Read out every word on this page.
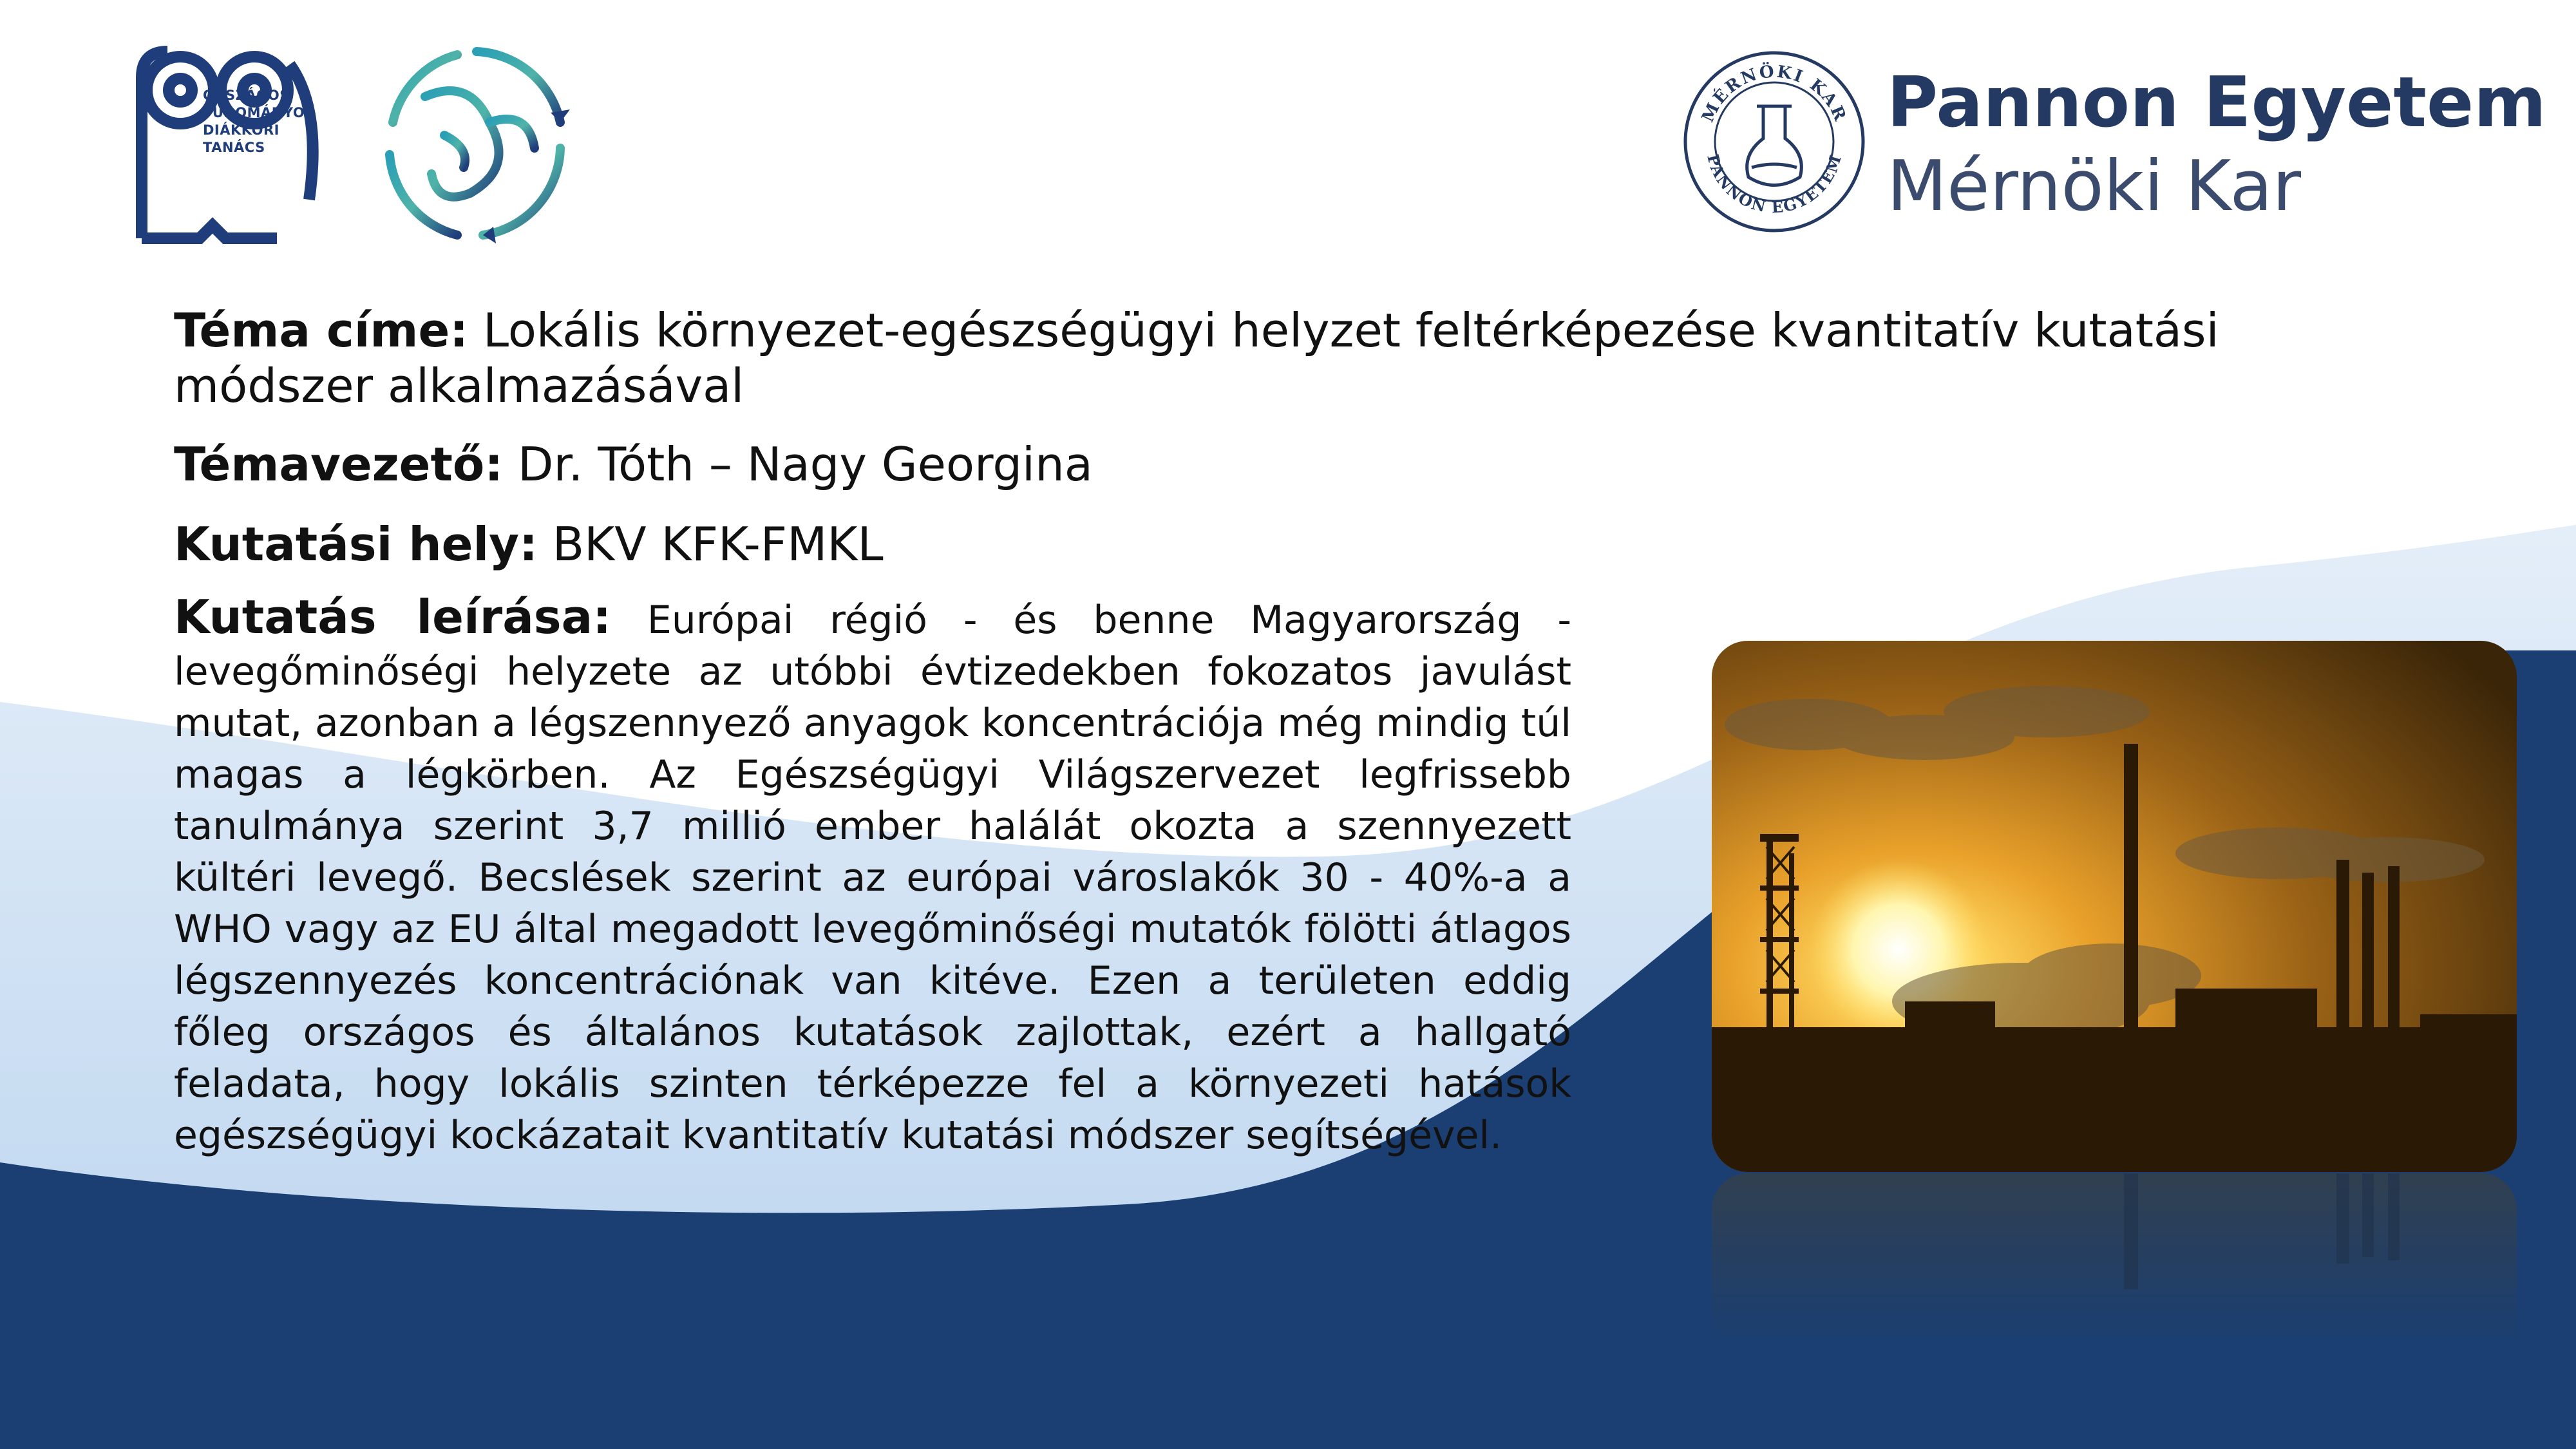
ORSZÁGOS
TUDOMÁNYOS
DIÁKKÖRI
TANÁCS
MÉRNÖKI KAR
PANNON EGYETEM
Pannon Egyetem
Mérnöki Kar
Téma címe: Lokális környezet-egészségügyi helyzet feltérképezése kvantitatív kutatási módszer alkalmazásával
Témavezető: Dr. Tóth – Nagy Georgina
Kutatási hely: BKV KFK-FMKL
Kutatás leírása: Európai régió - és benne Magyarország - levegőminőségi helyzete az utóbbi évtizedekben fokozatos javulást mutat, azonban a légszennyező anyagok koncentrációja még mindig túl magas a légkörben. Az Egészségügyi Világszervezet legfrissebb tanulmánya szerint 3,7 millió ember halálát okozta a szennyezett kültéri levegő. Becslések szerint az európai városlakók 30 - 40%-a a WHO vagy az EU által megadott levegőminőségi mutatók fölötti átlagos légszennyezés koncentrációnak van kitéve. Ezen a területen eddig főleg országos és általános kutatások zajlottak, ezért a hallgató feladata, hogy lokális szinten térképezze fel a környezeti hatások egészségügyi kockázatait kvantitatív kutatási módszer segítségével.
